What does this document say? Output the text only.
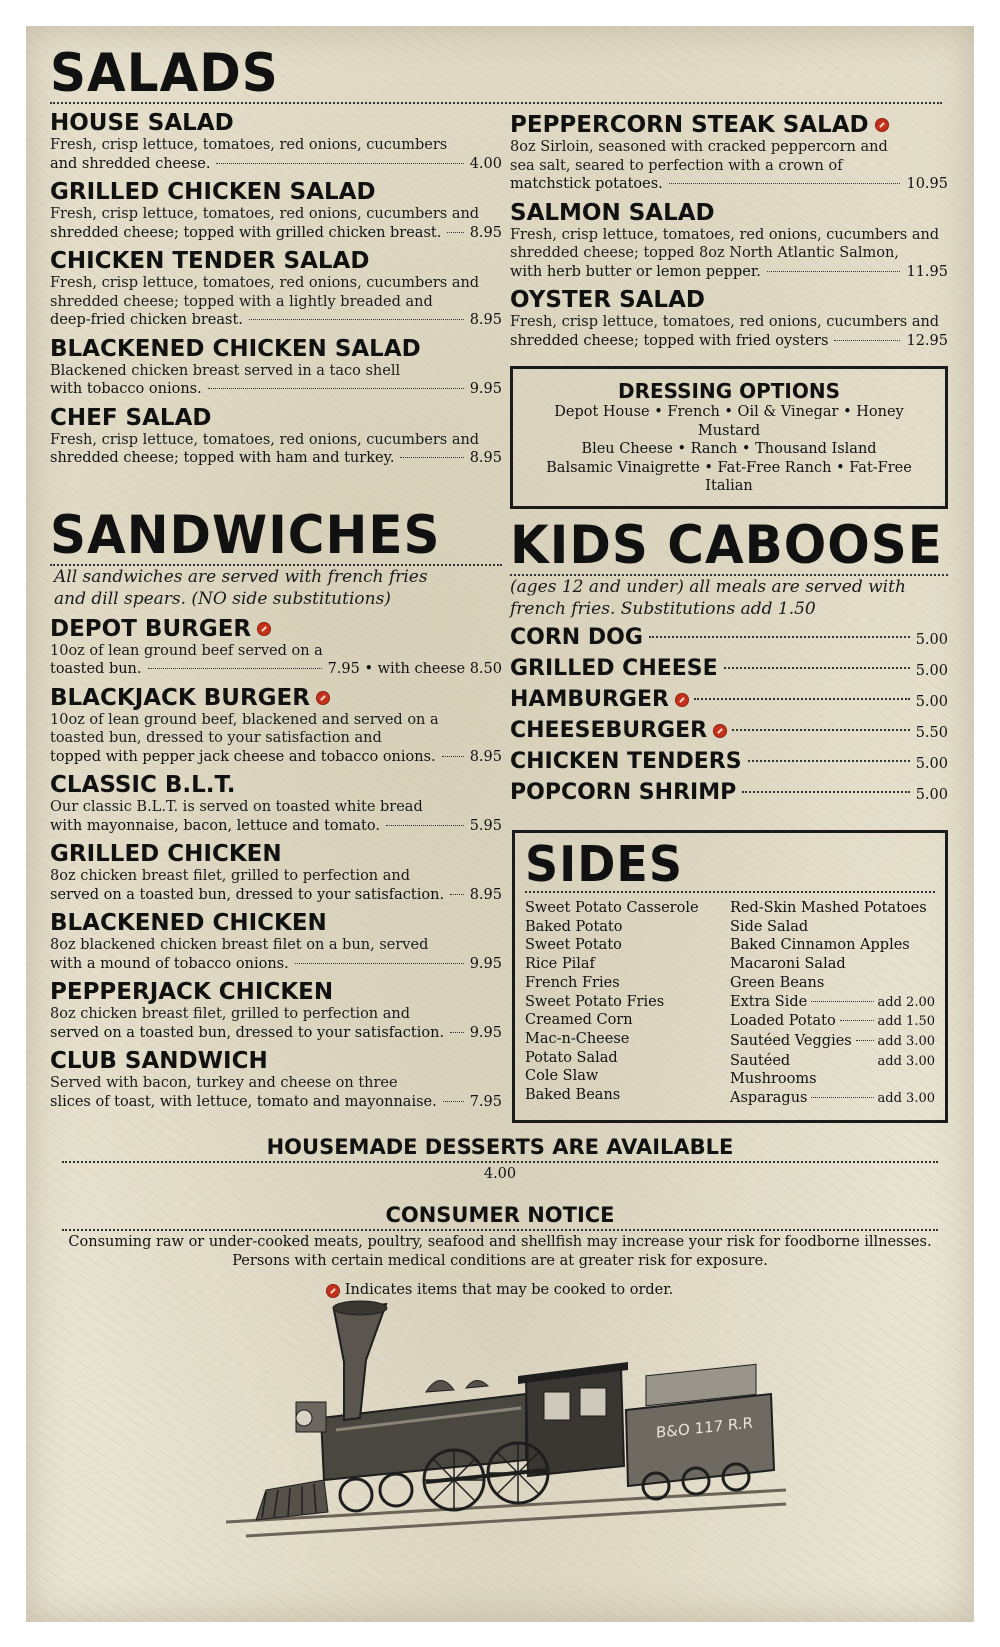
SALADS
HOUSE SALAD
Fresh, crisp lettuce, tomatoes, red onions, cucumbers
and shredded cheese.	4.00
GRILLED CHICKEN SALAD
Fresh, crisp lettuce, tomatoes, red onions, cucumbers and
shredded cheese; topped with grilled chicken breast. 8.95
CHICKEN TENDER SALAD
Fresh, crisp lettuce, tomatoes, red onions, cucumbers and
shredded cheese; topped with a lightly breaded and
deep-fried chicken breast.	8.95
BLACKENED CHICKEN SALAD
Blackened chicken breast served in a taco shell
with tobacco onions.	9.95
CHEF SALAD
Fresh, crisp lettuce, tomatoes, red onions, cucumbers and
shredded cheese; topped with ham and turkey.	8.95
SANDWICHES
All sandwiches are served with french fries
and dill spears. (NO side substitutions)
DEPOT BURGER
10oz of lean ground beef served on a
toasted bun.	7.95 • with cheese 8.50
BLACKJACK BURGER
10oz of lean ground beef, blackened and served on a
toasted bun, dressed to your satisfaction and
topped with pepper jack cheese and tobacco onions. 8.95
CLASSIC B.L.T.
Our classic B.L.T. is served on toasted white bread
with mayonnaise, bacon, lettuce and tomato.	5.95
GRILLED CHICKEN
8oz chicken breast filet, grilled to perfection and
served on a toasted bun, dressed to your satisfaction. 8.95
BLACKENED CHICKEN
8oz blackened chicken breast filet on a bun, served
with a mound of tobacco onions.	9.95
PEPPERJACK CHICKEN
8oz chicken breast filet, grilled to perfection and
served on a toasted bun, dressed to your satisfaction. 9.95
CLUB SANDWICH
Served with bacon, turkey and cheese on three
slices of toast, with lettuce, tomato and mayonnaise. 7.95
PEPPERCORN STEAK SALAD
8oz Sirloin, seasoned with cracked peppercorn and
sea salt, seared to perfection with a crown of
matchstick potatoes.	10.95
SALMON SALAD
Fresh, crisp lettuce, tomatoes, red onions, cucumbers and
shredded cheese; topped 8oz North Atlantic Salmon,
with herb butter or lemon pepper.	11.95
OYSTER SALAD
Fresh, crisp lettuce, tomatoes, red onions, cucumbers and
shredded cheese; topped with fried oysters	12.95
DRESSING OPTIONS
Depot House • French • Oil & Vinegar • Honey Mustard
Bleu Cheese • Ranch • Thousand Island
Balsamic Vinaigrette • Fat-Free Ranch • Fat-Free Italian
KIDS CABOOSE
(ages 12 and under) all meals are served with
french fries. Substitutions add 1.50
CORN DOG	5.00
GRILLED CHEESE	5.00
HAMBURGER	5.00
CHEESEBURGER	5.50
CHICKEN TENDERS	5.00
POPCORN SHRIMP	5.00
SIDES
Sweet Potato Casserole
Baked Potato
Sweet Potato
Rice Pilaf
French Fries
Sweet Potato Fries
Creamed Corn
Mac-n-Cheese
Potato Salad
Cole Slaw
Baked Beans
Red-Skin Mashed Potatoes
Side Salad
Baked Cinnamon Apples
Macaroni Salad
Green Beans
Extra Side	add 2.00
Loaded Potato	add 1.50
Sautéed Veggies add 3.00
Sautéed Mushrooms
add 3.00
Asparagus	add 3.00
HOUSEMADE DESSERTS ARE AVAILABLE
4.00
CONSUMER NOTICE
Consuming raw or under-cooked meats, poultry, seafood and shellfish may increase your risk for foodborne illnesses.
Persons with certain medical conditions are at greater risk for exposure.
Indicates items that may be cooked to order.
B&O 117 R.R
